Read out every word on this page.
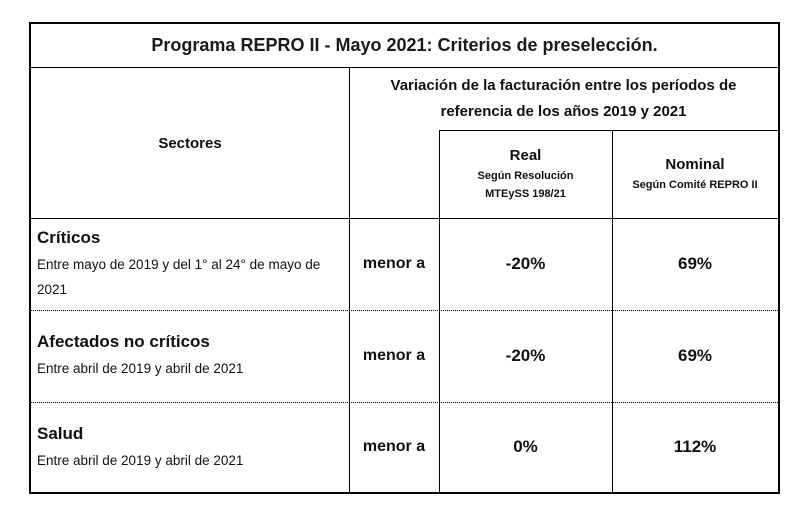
Programa REPRO II - Mayo 2021: Criterios de preselección.
Sectores
Variación de la facturación entre los períodos de referencia de los años 2019 y 2021
Real
Según Resolución
MTEySS 198/21
Nominal
Según Comité REPRO II
Críticos
Entre mayo de 2019 y del 1° al 24° de mayo de 2021
menor a	-20%	69%
Afectados no críticos
Entre abril de 2019 y abril de 2021
menor a	-20%	69%
Salud
Entre abril de 2019 y abril de 2021
menor a	0%	112%
